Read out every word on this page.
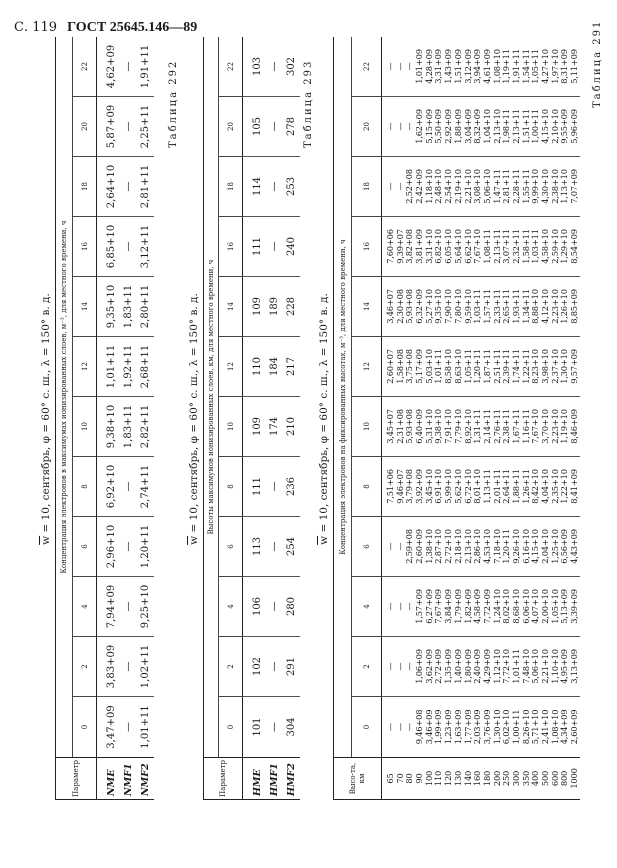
С. 119 ГОСТ 25645.146—89
$\overline{w} = 10$, сентябрь, φ = 60° с. ш., λ = 150° в. д.
Параметр
Концентрация электронов в максимумах ионизированных слоев, м⁻³, для местного времени, ч
0
2
4
6
8
10
12
14
16
18
20
22
NME NMF1 NMF2
3,47+09 — 1,01+11
3,83+09 — 1,02+11
7,94+09 — 9,25+10
2,96+10 — 1,20+11
6,92+10 — 2,74+11
9,38+10 1,83+11 2,82+11
1,01+11 1,92+11 2,68+11
9,35+10 1,83+11 2,80+11
6,85+10 — 3,12+11
2,64+10 — 2,81+11
5,87+09 — 2,25+11
4,62+09 — 1,91+11	Таблица 292
$\overline{w} = 10$, сентябрь, φ = 60° с. ш., λ = 150° в. д.
Параметр
Высоты максимумов ионизированных слоев, км, для местного времени, ч
0
2
4
6
8
10
12
14
16
18
20
22
HME HMF1 HMF2
101 — 304
102 — 291
106 — 280
113 — 254
111 — 236
109 174 210
110 184 217
109 189 228
111 — 240
114 — 253
105 — 278
103 — 302 Таблица 293
$\overline{w} = 10$, сентябрь, φ = 60° с. ш., λ = 150° в. д.
Высо-та, км
Концентрация электронов на фиксированных высотах, м⁻³, для местного времени, ч
0
2
4
6
8
10
12
14
16
18
20
22
65 70 80 90 100 110 120 130 140 160 180 200 250 300 350 400 500 600 800 1000
— — — 9,46+08 3,46+09 1,99+09 1,23+09 1,63+09 1,77+09 2,03+09 3,76+09 1,30+10 6,02+10 1,00+11 8,26+10 5,71+10 2,41+10 1,08+10 4,34+09 2,60+09
— — — 1,06+09 3,62+09 2,72+09 1,35+09 1,40+09 1,80+09 2,40+09 4,29+09 1,12+10 7,72+10 1,01+11 7,48+10 5,06+10 2,21+10 1,10+10 4,95+09 3,13+09
— — — 1,57+09 6,27+09 7,67+09 3,84+09 1,79+09 1,82+09 4,58+09 7,72+09 1,24+10 8,02+10 8,68+10 6,06+10 4,07+10 2,00+10 1,05+10 5,13+09 3,39+09
— — 2,59+08 2,60+09 1,38+10 2,87+10 2,72+10 2,18+10 2,13+10 2,86+10 4,53+10 7,18+10 1,20+11 9,26+10 6,16+10 4,15+10 2,04+10 1,25+10 6,56+09 4,43+09
7,51+06 9,46+07 3,79+08 3,92+09 3,45+10 6,91+10 5,99+10 5,62+10 6,72+10 8,01+10 1,13+11 2,01+11 2,64+11 1,88+11 1,26+11 8,42+10 4,04+10 2,35+10 1,22+10 8,41+09
3,45+07 2,31+08 5,93+08 6,40+09 5,31+10 9,38+10 7,91+10 7,79+10 8,92+10 1,31+11 2,14+11 2,76+11 2,38+11 1,67+11 1,16+11 7,67+10 3,70+10 2,23+10 1,19+10 8,46+09
2,60+07 1,58+08 3,75+08 5,17+09 5,03+10 1,01+11 8,58+10 8,63+10 1,05+11 1,20+11 1,87+11 2,51+11 2,39+11 1,74+11 1,22+11 8,23+10 3,98+10 2,37+10 1,30+10 9,57+09
3,46+07 2,30+08 5,93+08 6,32+09 5,27+10 9,35+10 7,90+10 7,80+10 9,59+10 1,03+11 1,57+11 2,33+11 2,65+11 1,93+11 1,34+11 8,88+10 4,12+10 2,23+10 1,26+10 8,85+09
7,60+06 9,39+07 3,82+08 3,81+09 3,31+10 6,82+10 6,05+10 5,64+10 6,62+10 7,67+10 1,08+11 2,13+11 3,07+11 2,32+11 1,58+11 1,03+11 4,58+10 2,59+10 1,29+10 8,54+09
— — 2,52+08 2,42+09 1,18+10 2,48+10 2,54+10 2,19+10 2,21+10 3,08+10 5,06+10 1,47+11 2,81+11 2,28+11 1,55+11 9,99+10 4,30+10 2,38+10 1,13+10 7,07+09
— — — 1,62+09 5,15+09 5,50+09 2,92+09 1,88+09 3,04+09 8,32+09 1,04+10 2,13+10 1,98+11 2,13+11 1,51+11 1,00+11 4,15+10 2,10+10 9,55+09 5,96+09
— — — 1,01+09 4,28+09 3,31+09 1,43+09 1,51+09 3,12+09 3,94+09 4,61+09 1,08+10 1,19+11 1,91+11 1,54+11 1,05+11 4,27+10 1,97+10 8,31+09 5,11+09 Таблица 291
